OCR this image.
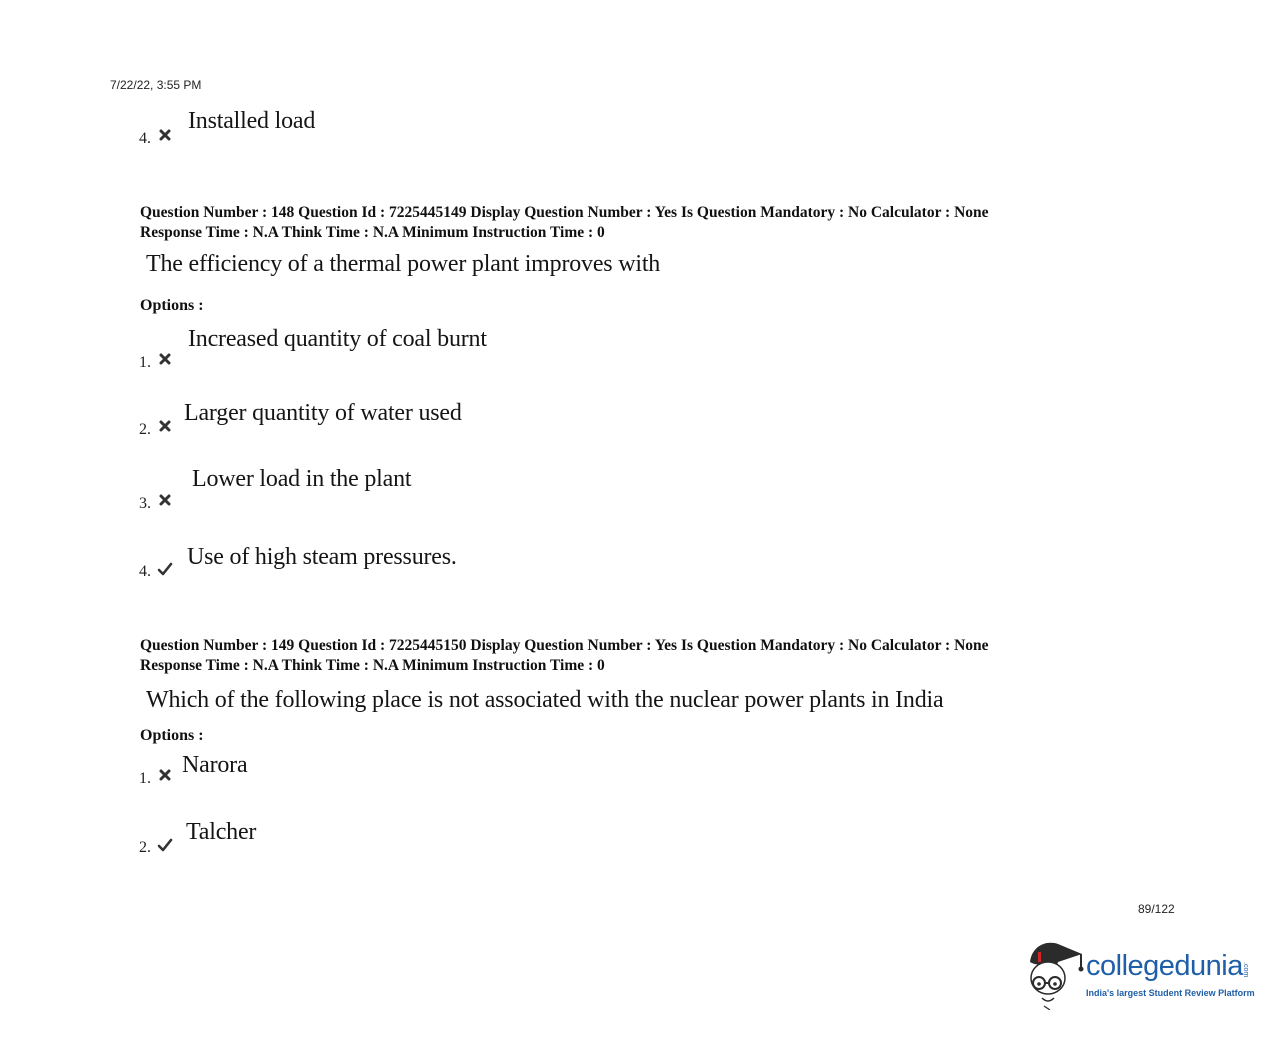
7/22/22, 3:55 PM
4.
Installed load
Question Number : 148 Question Id : 7225445149 Display Question Number : Yes Is Question Mandatory : No Calculator : None
Response Time : N.A Think Time : N.A Minimum Instruction Time : 0
The efficiency of a thermal power plant improves with
Options :
1.
Increased quantity of coal burnt
2.
Larger quantity of water used
3.
Lower load in the plant
4.
Use of high steam pressures.
Question Number : 149 Question Id : 7225445150 Display Question Number : Yes Is Question Mandatory : No Calculator : None
Response Time : N.A Think Time : N.A Minimum Instruction Time : 0
Which of the following place is not associated with the nuclear power plants in India
Options :
1.
Narora
2.
Talcher
89/122
collegedunia .com
India's largest Student Review Platform
